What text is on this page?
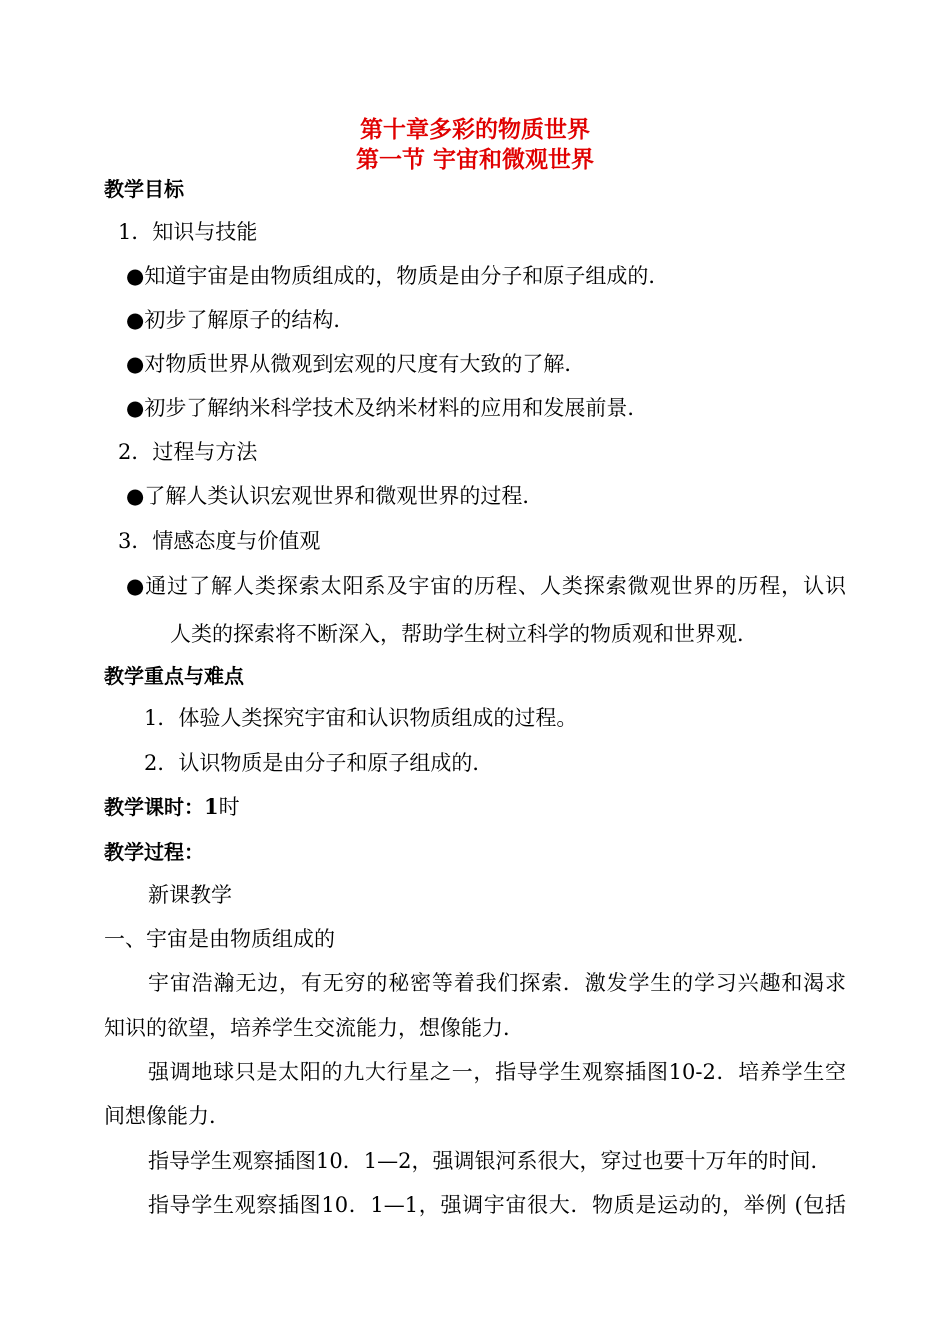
第十章多彩的物质世界
第一节 宇宙和微观世界
教学目标
1．知识与技能
●知道宇宙是由物质组成的，物质是由分子和原子组成的．
●初步了解原子的结构．
●对物质世界从微观到宏观的尺度有大致的了解．
●初步了解纳米科学技术及纳米材料的应用和发展前景．
2．过程与方法
●了解人类认识宏观世界和微观世界的过程．
3．情感态度与价值观
●通过了解人类探索太阳系及宇宙的历程、人类探索微观世界的历程，认识
人类的探索将不断深入，帮助学生树立科学的物质观和世界观．
教学重点与难点
1．体验人类探究宇宙和认识物质组成的过程。
2．认识物质是由分子和原子组成的．
教学课时：1时
教学过程：
新课教学
一、宇宙是由物质组成的
宇宙浩瀚无边，有无穷的秘密等着我们探索．激发学生的学习兴趣和渴求
知识的欲望，培养学生交流能力，想像能力．
强调地球只是太阳的九大行星之一，指导学生观察插图10-2．培养学生空
间想像能力．
指导学生观察插图10．1—2，强调银河系很大，穿过也要十万年的时间．
指导学生观察插图10．1—1，强调宇宙很大．物质是运动的，举例 (包括
